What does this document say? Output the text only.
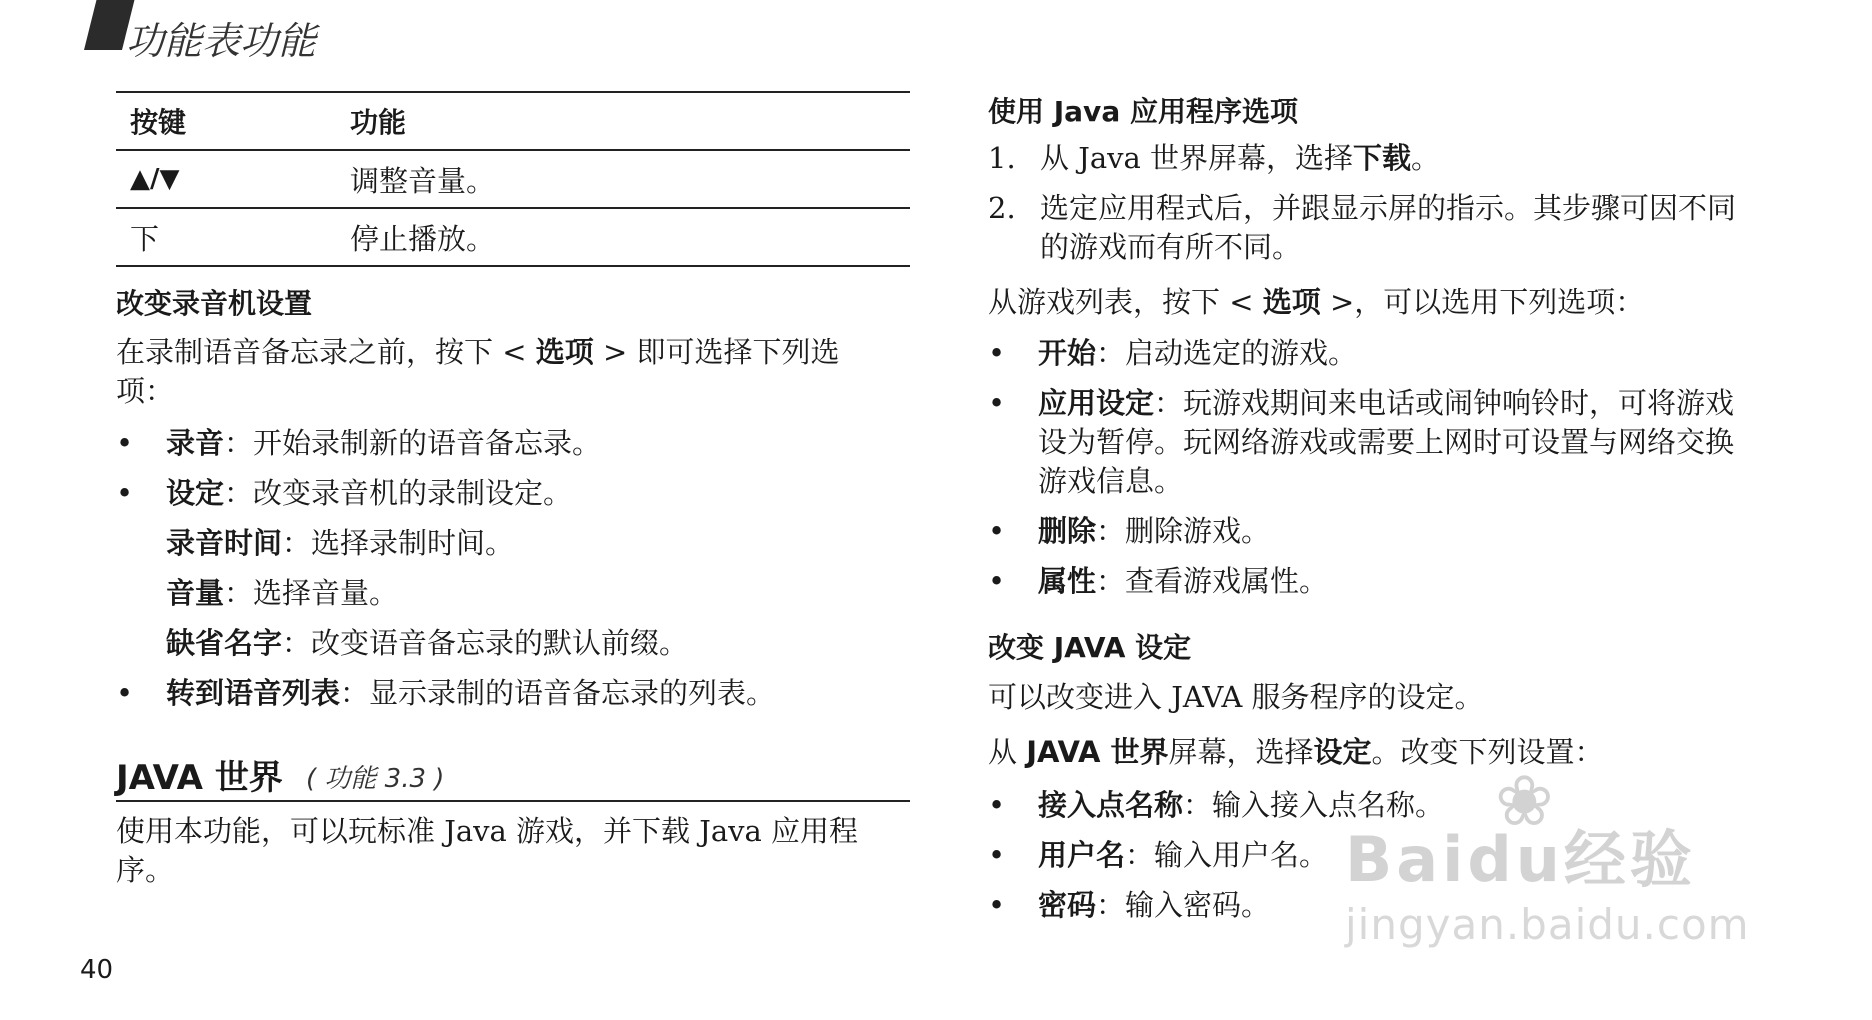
功能表功能
按键	功能
▲/▼	调整音量。
下	停止播放。
改变录音机设置
在录制语音备忘录之前，按下 < 选项 > 即可选择下列选
项：
• 录音：开始录制新的语音备忘录。
• 设定：改变录音机的录制设定。
录音时间：选择录制时间。
音量：选择音量。
缺省名字：改变语音备忘录的默认前缀。
• 转到语音列表：显示录制的语音备忘录的列表。
JAVA 世界 ( 功能 3.3 )
使用本功能，可以玩标准 Java 游戏，并下载 Java 应用程
序。
使用 Java 应用程序选项
1. 从 Java 世界屏幕，选择下载。
2. 选定应用程式后，并跟显示屏的指示。其步骤可因不同
的游戏而有所不同。
从游戏列表，按下 < 选项 >，可以选用下列选项：
• 开始：启动选定的游戏。
• 应用设定：玩游戏期间来电话或闹钟响铃时，可将游戏
设为暂停。玩网络游戏或需要上网时可设置与网络交换
游戏信息。
• 删除：删除游戏。
• 属性：查看游戏属性。
改变 JAVA 设定
可以改变进入 JAVA 服务程序的设定。
从 JAVA 世界屏幕，选择设定。改变下列设置：
• 接入点名称：输入接入点名称。
• 用户名：输入用户名。
• 密码：输入密码。
40
❀
Baidu经验
jingyan.baidu.com
